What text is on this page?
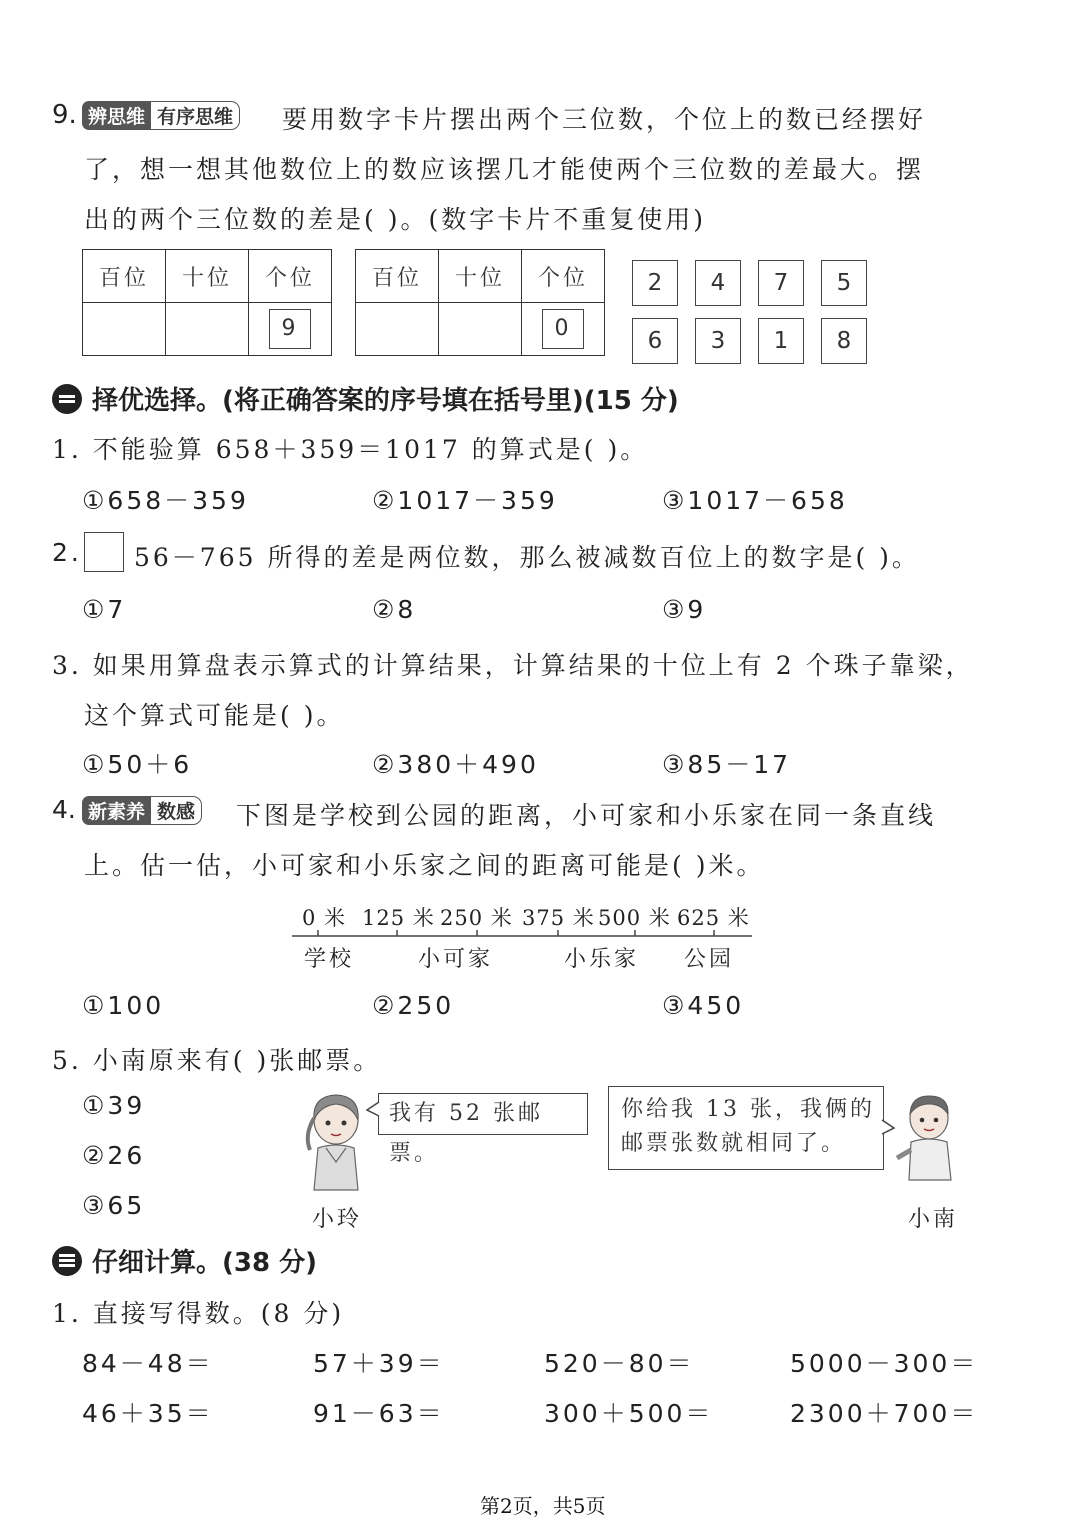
9. 辨思维 有序思维 要用数字卡片摆出两个三位数，个位上的数已经摆好
了，想一想其他数位上的数应该摆几才能使两个三位数的差最大。摆
出的两个三位数的差是( )。(数字卡片不重复使用)
百位	十位	个位
		9
百位	十位	个位
		0
2	4	7	5
6	3	1	8
择优选择。(将正确答案的序号填在括号里)(15 分)
1. 不能验算 658＋359＝1017 的算式是( )。
①658－359	②1017－359	③1017－658
2. 56－765 所得的差是两位数，那么被减数百位上的数字是( )。
①7	②8	③9
3. 如果用算盘表示算式的计算结果，计算结果的十位上有 2 个珠子靠梁，
这个算式可能是( )。
①50＋6	②380＋490	③85－17
4. 新素养 数感 下图是学校到公园的距离，小可家和小乐家在同一条直线
上。估一估，小可家和小乐家之间的距离可能是( )米。
0 米 125 米 250 米 375 米 500 米 625 米
学校	小可家	小乐家 公园
①100	②250	③450
5. 小南原来有( )张邮票。
①39
②26
③65
我有 52 张邮票。
小玲
你给我 13 张，我俩的
邮票张数就相同了。
小南
仔细计算。(38 分)
1. 直接写得数。(8 分)
84－48＝	57＋39＝	520－80＝	5000－300＝
46＋35＝	91－63＝	300＋500＝	2300＋700＝
第2页，共5页
